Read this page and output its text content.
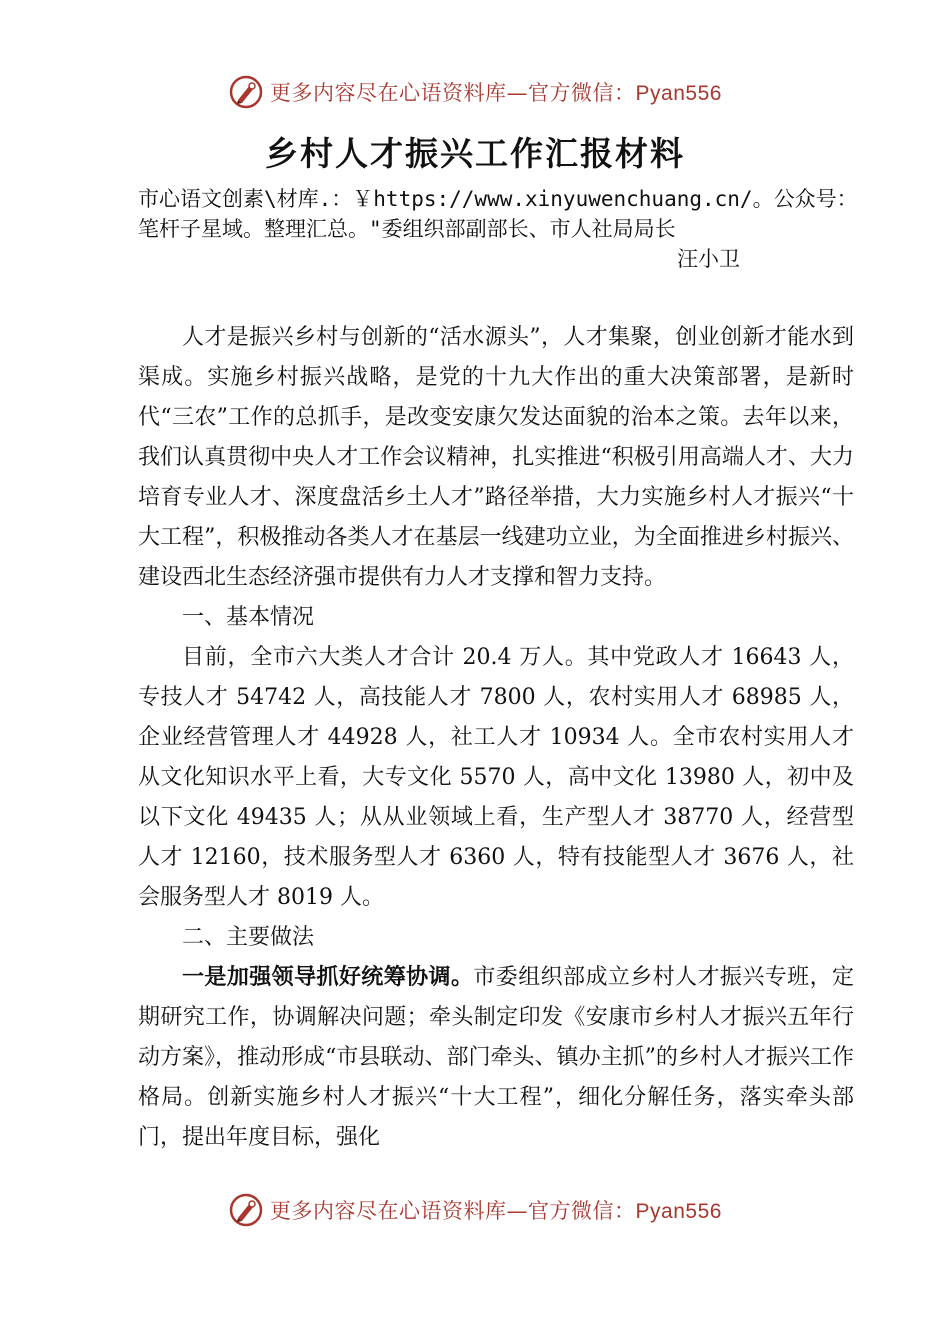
更多内容尽在心语资料库—官方微信：Pyan556
乡村人才振兴工作汇报材料
市心语文创素\材库.：￥https://www.xinyuwenchuang.cn/。公众号：笔杆子星域。整理汇总。"委组织部副部长、市人社局局长
汪小卫

人才是振兴乡村与创新的“活水源头”，人才集聚，创业创新才能水到渠成。实施乡村振兴战略，是党的十九大作出的重大决策部署，是新时代“三农”工作的总抓手，是改变安康欠发达面貌的治本之策。去年以来，我们认真贯彻中央人才工作会议精神，扎实推进“积极引用高端人才、大力培育专业人才、深度盘活乡土人才”路径举措，大力实施乡村人才振兴“十大工程”，积极推动各类人才在基层一线建功立业，为全面推进乡村振兴、建设西北生态经济强市提供有力人才支撑和智力支持。

一、基本情况

目前，全市六大类人才合计 20.4 万人。其中党政人才 16643 人，专技人才 54742 人，高技能人才 7800 人，农村实用人才 68985 人，企业经营管理人才 44928 人，社工人才 10934 人。全市农村实用人才从文化知识水平上看，大专文化 5570 人，高中文化 13980 人，初中及以下文化 49435 人；从从业领域上看，生产型人才 38770 人，经营型人才 12160，技术服务型人才 6360 人，特有技能型人才 3676 人，社会服务型人才 8019 人。

二、主要做法

一是加强领导抓好统筹协调。市委组织部成立乡村人才振兴专班，定期研究工作，协调解决问题；牵头制定印发《安康市乡村人才振兴五年行动方案》，推动形成“市县联动、部门牵头、镇办主抓”的乡村人才振兴工作格局。创新实施乡村人才振兴“十大工程”，细化分解任务，落实牵头部门，提出年度目标，强化

更多内容尽在心语资料库—官方微信：Pyan556
